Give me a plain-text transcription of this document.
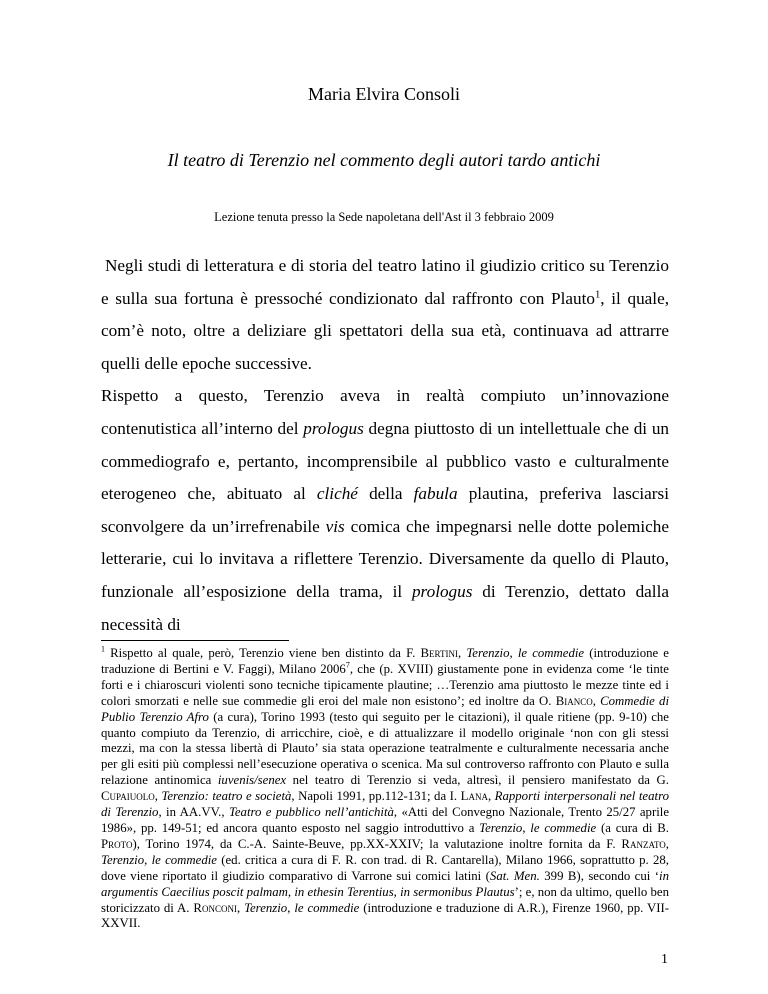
Maria Elvira Consoli
Il teatro di Terenzio nel commento degli autori tardo antichi
Lezione tenuta presso la Sede napoletana dell'Ast il 3 febbraio 2009

Negli studi di letteratura e di storia del teatro latino il giudizio critico su Terenzio e sulla sua fortuna è pressoché condizionato dal raffronto con Plauto$^1$, il quale, com’è noto, oltre a deliziare gli spettatori della sua età, continuava ad attrarre quelli delle epoche successive.

Rispetto a questo, Terenzio aveva in realtà compiuto un’innovazione contenutistica all’interno del prologus degna piuttosto di un intellettuale che di un commediografo e, pertanto, incomprensibile al pubblico vasto e culturalmente eterogeneo che, abituato al cliché della fabula plautina, preferiva lasciarsi sconvolgere da un’irrefrenabile vis comica che impegnarsi nelle dotte polemiche letterarie, cui lo invitava a riflettere Terenzio. Diversamente da quello di Plauto, funzionale all’esposizione della trama, il prologus di Terenzio, dettato dalla necessità di

$^1$ Rispetto al quale, però, Terenzio viene ben distinto da F. Bertini, Terenzio, le commedie (introduzione e traduzione di Bertini e V. Faggi), Milano 2006$^7$, che (p. XVIII) giustamente pone in evidenza come ‘le tinte forti e i chiaroscuri violenti sono tecniche tipicamente plautine; …Terenzio ama piuttosto le mezze tinte ed i colori smorzati e nelle sue commedie gli eroi del male non esistono’; ed inoltre da O. Bianco, Commedie di Publio Terenzio Afro (a cura), Torino 1993 (testo qui seguito per le citazioni), il quale ritiene (pp. 9-10) che quanto compiuto da Terenzio, di arricchire, cioè, e di attualizzare il modello originale ‘non con gli stessi mezzi, ma con la stessa libertà di Plauto’ sia stata operazione teatralmente e culturalmente necessaria anche per gli esiti più complessi nell’esecuzione operativa o scenica. Ma sul controverso raffronto con Plauto e sulla relazione antinomica iuvenis/senex nel teatro di Terenzio si veda, altresì, il pensiero manifestato da G. Cupaiuolo, Terenzio: teatro e società, Napoli 1991, pp.112-131; da I. Lana, Rapporti interpersonali nel teatro di Terenzio, in AA.VV., Teatro e pubblico nell’antichità, «Atti del Convegno Nazionale, Trento 25/27 aprile 1986», pp. 149-51; ed ancora quanto esposto nel saggio introduttivo a Terenzio, le commedie (a cura di B. Proto), Torino 1974, da C.-A. Sainte-Beuve, pp.XX-XXIV; la valutazione inoltre fornita da F. Ranzato, Terenzio, le commedie (ed. critica a cura di F. R. con trad. di R. Cantarella), Milano 1966, soprattutto p. 28, dove viene riportato il giudizio comparativo di Varrone sui comici latini (Sat. Men. 399 B), secondo cui ‘in argumentis Caecilius poscit palmam, in ethesin Terentius, in sermonibus Plautus’; e, non da ultimo, quello ben storicizzato di A. Ronconi, Terenzio, le commedie (introduzione e traduzione di A.R.), Firenze 1960, pp. VII-XXVII.
1
